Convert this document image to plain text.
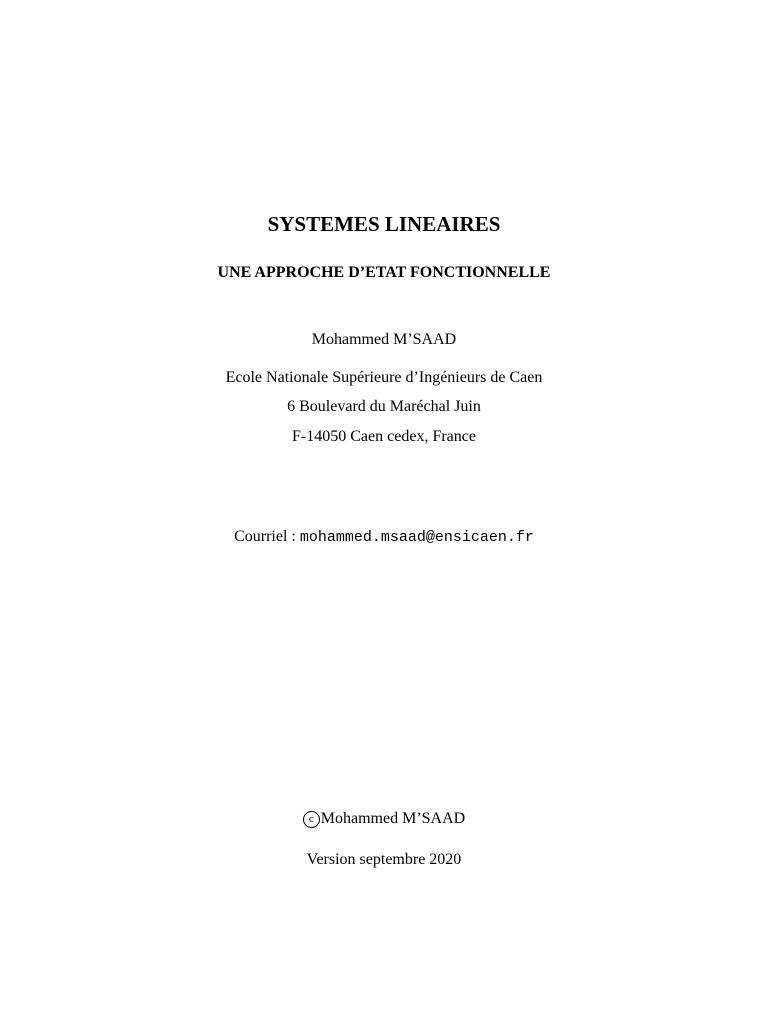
SYSTEMES LINEAIRES
UNE APPROCHE D’ETAT FONCTIONNELLE
Mohammed M’SAAD
Ecole Nationale Supérieure d’Ingénieurs de Caen
6 Boulevard du Maréchal Juin
F-14050 Caen cedex, France
Courriel : mohammed.msaad@ensicaen.fr
c Mohammed M’SAAD
Version septembre 2020
